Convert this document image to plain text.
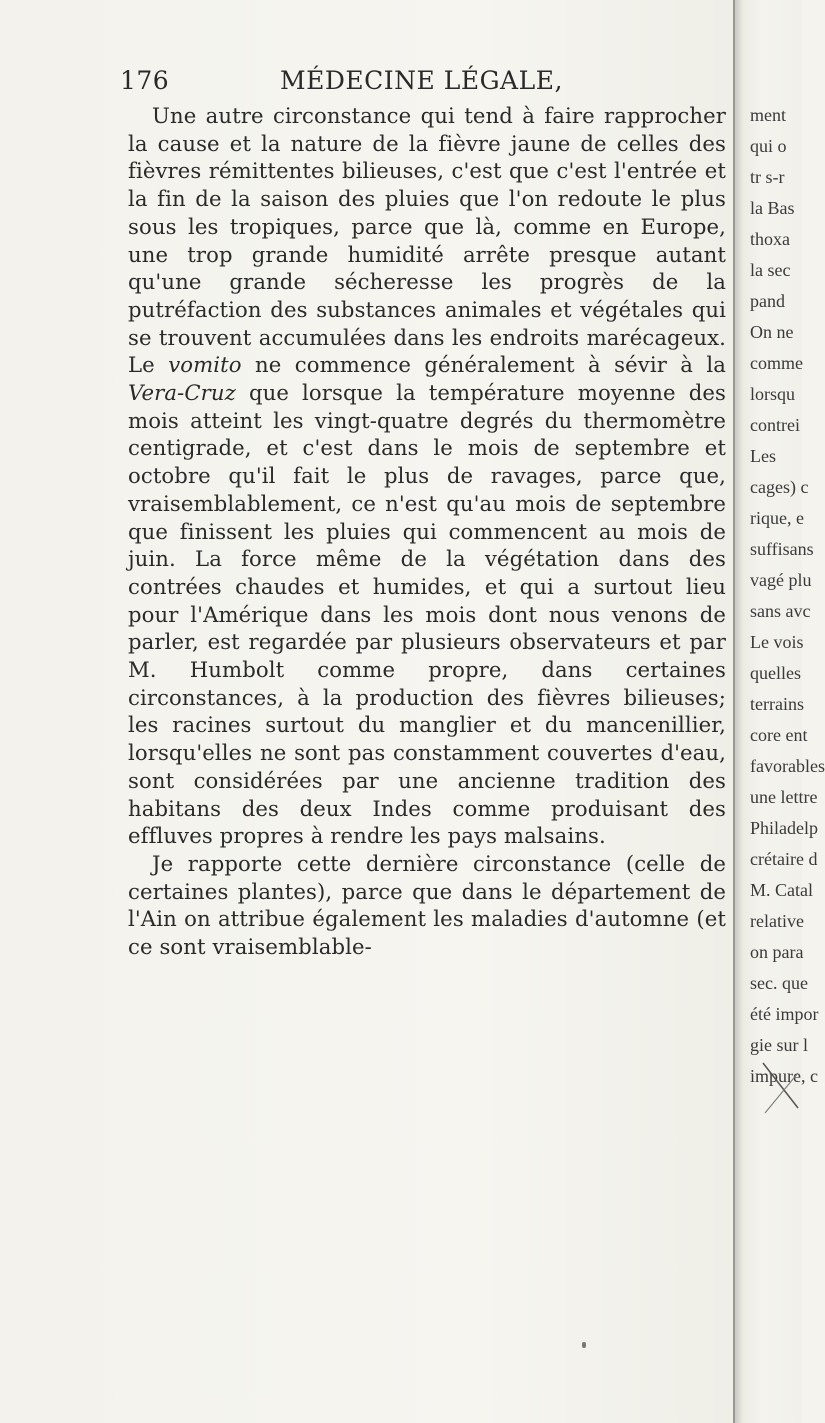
176	MÉDECINE LÉGALE,

Une autre circonstance qui tend à faire rapprocher la cause et la nature de la fièvre jaune de celles des fièvres rémittentes bilieuses, c'est que c'est l'entrée et la fin de la saison des pluies que l'on redoute le plus sous les tropiques, parce que là, comme en Europe, une trop grande humidité arrête presque autant qu'une grande sécheresse les progrès de la putréfaction des substances animales et végétales qui se trouvent accumulées dans les endroits marécageux. Le vomito ne commence généralement à sévir à la Vera-Cruz que lorsque la température moyenne des mois atteint les vingt-quatre degrés du thermomètre centigrade, et c'est dans le mois de septembre et octobre qu'il fait le plus de ravages, parce que, vraisemblablement, ce n'est qu'au mois de septembre que finissent les pluies qui commencent au mois de juin. La force même de la végétation dans des contrées chaudes et humides, et qui a surtout lieu pour l'Amérique dans les mois dont nous venons de parler, est regardée par plusieurs observateurs et par M. Humbolt comme propre, dans certaines circonstances, à la production des fièvres bilieuses; les racines surtout du manglier et du mancenillier, lorsqu'elles ne sont pas constamment couvertes d'eau, sont considérées par une ancienne tradition des habitans des deux Indes comme produisant des effluves propres à rendre les pays malsains.

Je rapporte cette dernière circonstance (celle de certaines plantes), parce que dans le département de l'Ain on attribue également les maladies d'automne (et ce sont vraisemblable-

ment
qui o
tr s-r
la Bas
thoxa
la sec
pand
On ne
comme
lorsqu
contrei
Les
cages) c
rique, e
suffisans
vagé plu
sans avc
Le vois
quelles
terrains
core ent
favorables
une lettre
Philadelp
crétaire d
M. Catal
relative
on para
sec. que
été impor
gie sur l
impure, c
